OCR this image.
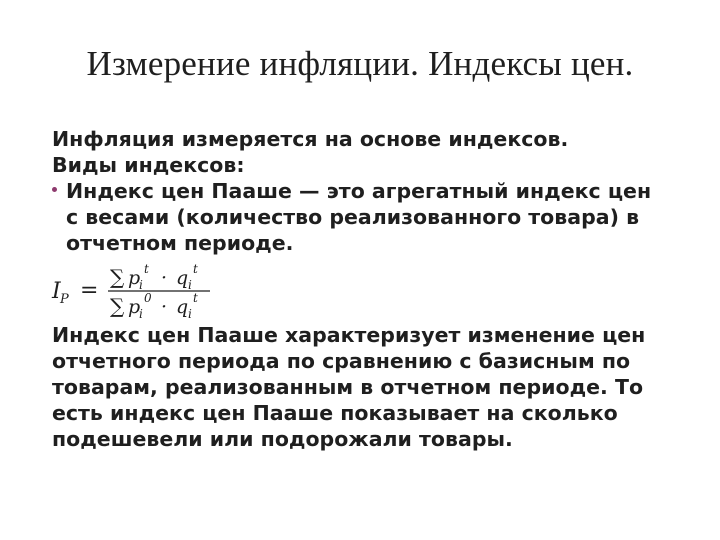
Измерение инфляции. Индексы цен.

Инфляция измеряется на основе индексов.

Виды индексов:

Индекс цен Пааше — это агрегатный индекс цен

с весами (количество реализованного товара) в

отчетном периоде.

I P =
∑ p
i
t · q i
t
∑ p
i
0 · q i
t

Индекс цен Пааше характеризует изменение цен

отчетного периода по сравнению с базисным по

товарам, реализованным в отчетном периоде. То

есть индекс цен Пааше показывает на сколько

подешевели или подорожали товары.
